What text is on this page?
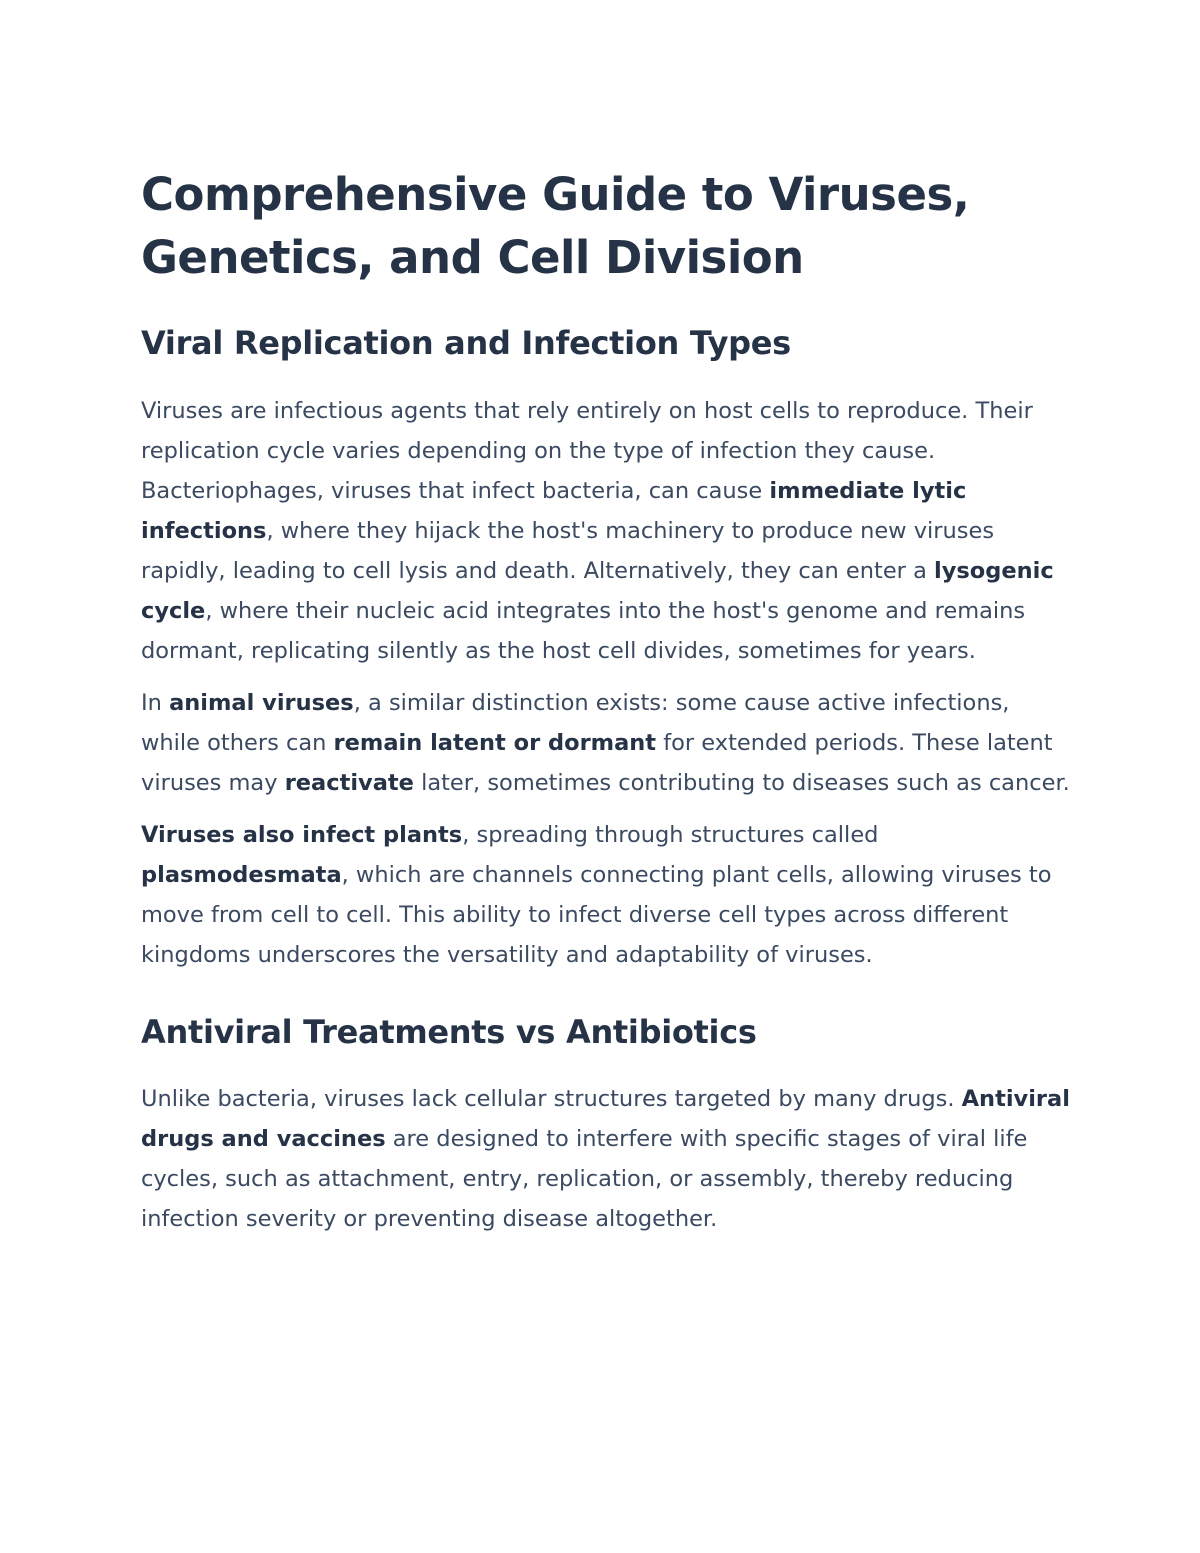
Comprehensive Guide to Viruses, Genetics, and Cell Division
Viral Replication and Infection Types

Viruses are infectious agents that rely entirely on host cells to reproduce. Their replication cycle varies depending on the type of infection they cause. Bacteriophages, viruses that infect bacteria, can cause immediate lytic infections, where they hijack the host's machinery to produce new viruses rapidly, leading to cell lysis and death. Alternatively, they can enter a lysogenic cycle, where their nucleic acid integrates into the host's genome and remains dormant, replicating silently as the host cell divides, sometimes for years.

In animal viruses, a similar distinction exists: some cause active infections, while others can remain latent or dormant for extended periods. These latent viruses may reactivate later, sometimes contributing to diseases such as cancer.

Viruses also infect plants, spreading through structures called plasmodesmata, which are channels connecting plant cells, allowing viruses to move from cell to cell. This ability to infect diverse cell types across different kingdoms underscores the versatility and adaptability of viruses.

Antiviral Treatments vs Antibiotics

Unlike bacteria, viruses lack cellular structures targeted by many drugs. Antiviral drugs and vaccines are designed to interfere with specific stages of viral life cycles, such as attachment, entry, replication, or assembly, thereby reducing infection severity or preventing disease altogether.
